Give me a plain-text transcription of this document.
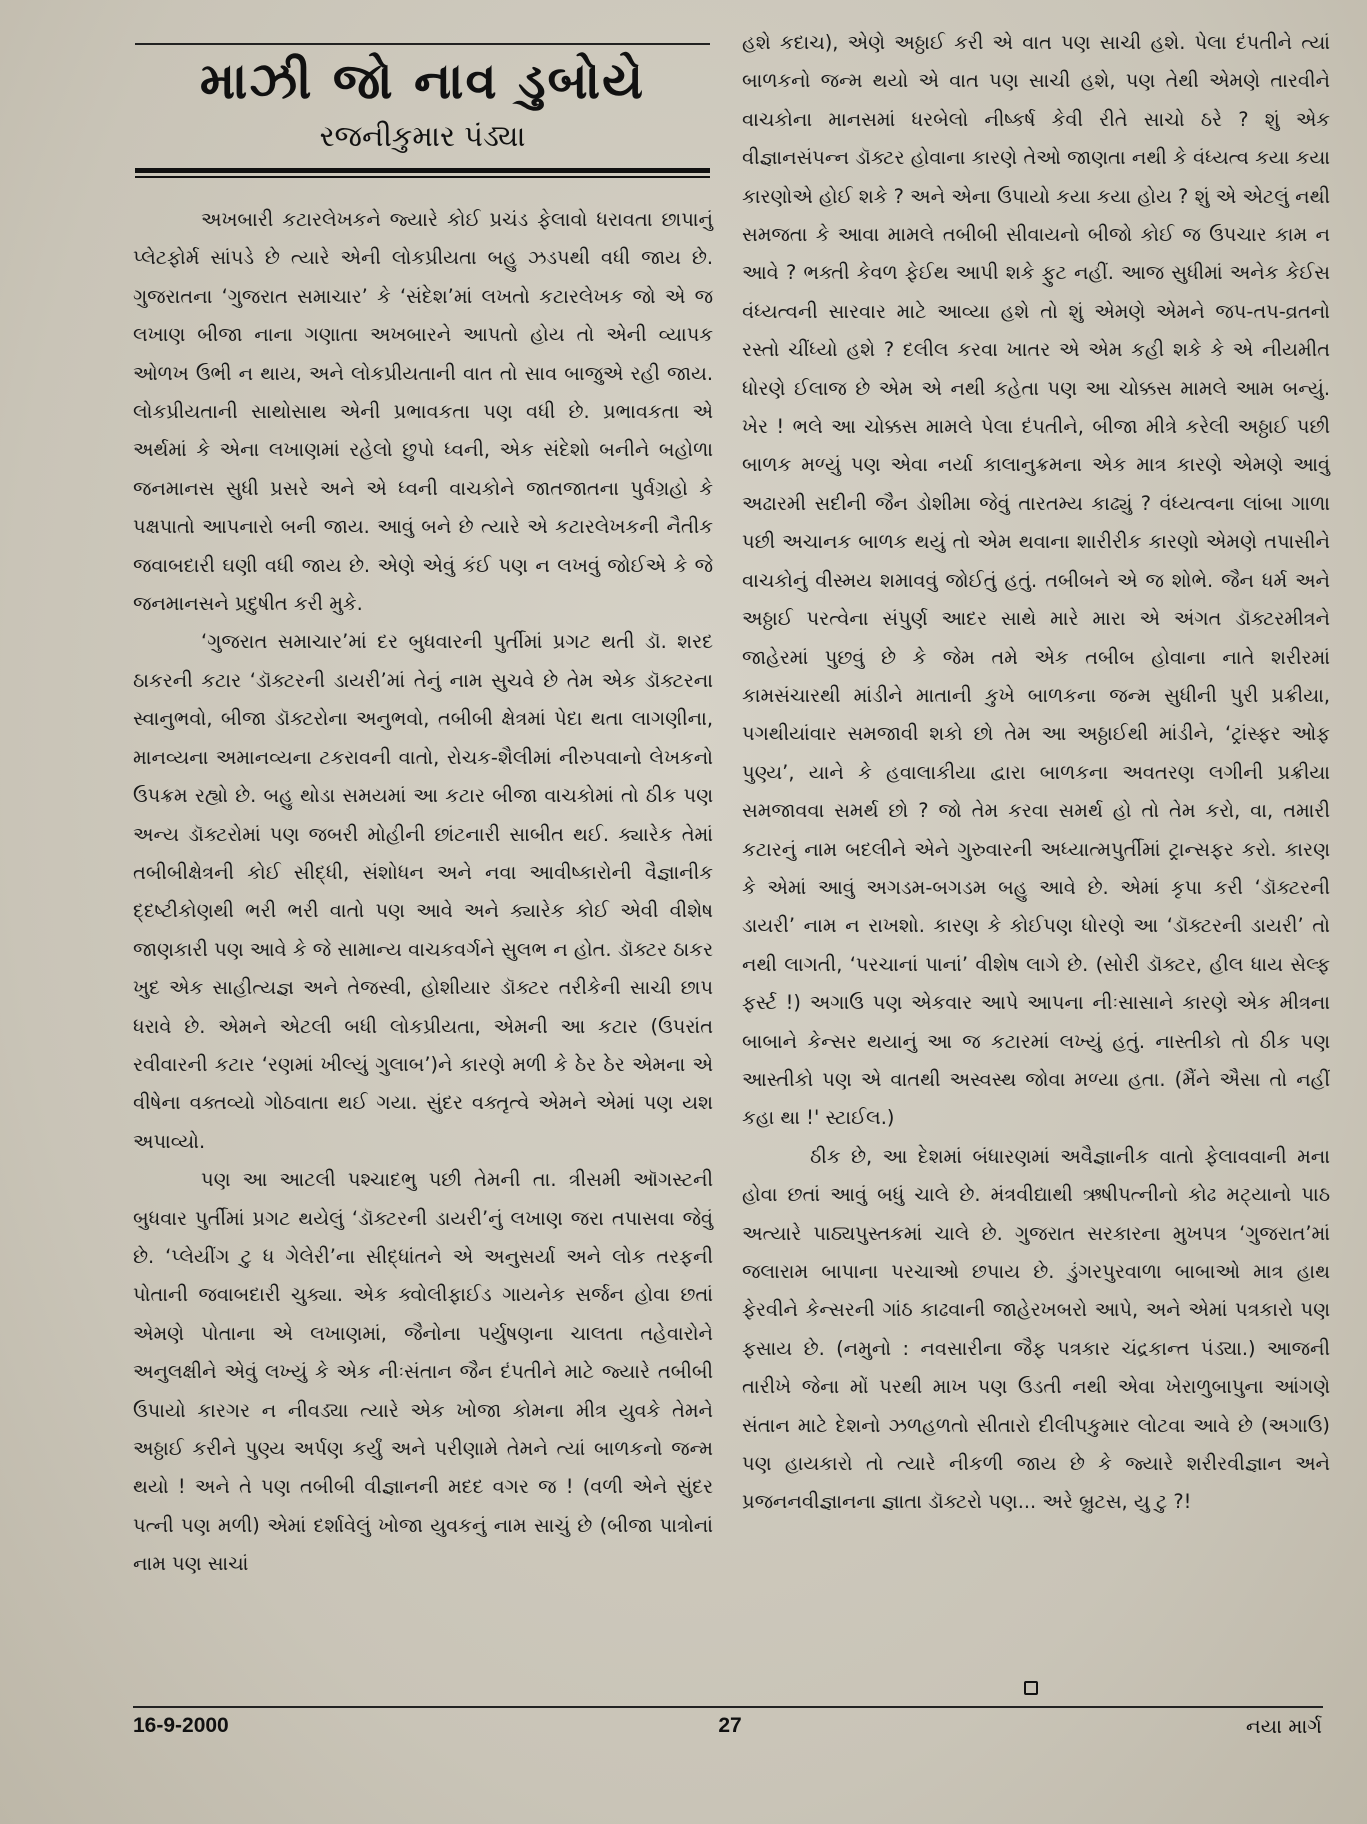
માઝી જો નાવ ડુબોયે
રજનીકુમાર પંડ્યા

અખબારી કટારલેખકને જ્યારે કોઈ પ્રચંડ ફેલાવો ધરાવતા છાપાનું પ્લેટફોર્મ સાંપડે છે ત્યારે એની લોકપ્રીયતા બહુ ઝડપથી વધી જાય છે. ગુજરાતના ‘ગુજરાત સમાચાર’ કે ‘સંદેશ’માં લખતો કટારલેખક જો એ જ લખાણ બીજા નાના ગણાતા અખબારને આપતો હોય તો એની વ્યાપક ઓળખ ઉભી ન થાય, અને લોકપ્રીયતાની વાત તો સાવ બાજુએ રહી જાય. લોકપ્રીયતાની સાથોસાથ એની પ્રભાવકતા પણ વધી છે. પ્રભાવકતા એ અર્થમાં કે એના લખાણમાં રહેલો છુપો ધ્વની, એક સંદેશો બનીને બહોળા જનમાનસ સુધી પ્રસરે અને એ ધ્વની વાચકોને જાતજાતના પુર્વગ્રહો કે પક્ષપાતો આપનારો બની જાય. આવું બને છે ત્યારે એ કટારલેખકની નૈતીક જવાબદારી ઘણી વધી જાય છે. એણે એવું કંઈ પણ ન લખવું જોઈએ કે જે જનમાનસને પ્રદુષીત કરી મુકે.

‘ગુજરાત સમાચાર’માં દર બુધવારની પુર્તીમાં પ્રગટ થતી ડૉ. શરદ ઠાકરની કટાર ‘ડૉક્ટરની ડાયરી’માં તેનું નામ સુચવે છે તેમ એક ડૉક્ટરના સ્વાનુભવો, બીજા ડૉક્ટરોના અનુભવો, તબીબી ક્ષેત્રમાં પેદા થતા લાગણીના, માનવ્યના અમાનવ્યના ટકરાવની વાતો, રોચક-શૈલીમાં નીરુપવાનો લેખકનો ઉપક્રમ રહ્યો છે. બહુ થોડા સમયમાં આ કટાર બીજા વાચકોમાં તો ઠીક પણ અન્ય ડૉક્ટરોમાં પણ જબરી મોહીની છાંટનારી સાબીત થઈ. ક્યારેક તેમાં તબીબીક્ષેત્રની કોઈ સીદ્ધી, સંશોધન અને નવા આવીષ્કારોની વૈજ્ઞાનીક દ્દષ્ટીકોણથી ભરી ભરી વાતો પણ આવે અને ક્યારેક કોઈ એવી વીશેષ જાણકારી પણ આવે કે જે સામાન્ય વાચકવર્ગને સુલભ ન હોત. ડૉક્ટર ઠાકર ખુદ એક સાહીત્યજ્ઞ અને તેજસ્વી, હોશીયાર ડૉક્ટર તરીકેની સાચી છાપ ધરાવે છે. એમને એટલી બધી લોકપ્રીયતા, એમની આ કટાર (ઉપરાંત રવીવારની કટાર ‘રણમાં ખીલ્યું ગુલાબ’)ને કારણે મળી કે ઠેર ઠેર એમના એ વીષેના વક્તવ્યો ગોઠવાતા થઈ ગયા. સુંદર વક્તૃત્વે એમને એમાં પણ યશ અપાવ્યો.

પણ આ આટલી પશ્ચાદભુ પછી તેમની તા. ત્રીસમી ઑગસ્ટની બુધવાર પુર્તીમાં પ્રગટ થયેલું ‘ડૉક્ટરની ડાયરી’નું લખાણ જરા તપાસવા જેવું છે. ‘પ્લેયીંગ ટુ ધ ગેલેરી’ના સીદ્ધાંતને એ અનુસર્યા અને લોક તરફની પોતાની જવાબદારી ચુક્યા. એક ક્વોલીફાઈડ ગાયનેક સર્જન હોવા છતાં એમણે પોતાના એ લખાણમાં, જૈનોના પર્યુષણના ચાલતા તહેવારોને અનુલક્ષીને એવું લખ્યું કે એક નીઃસંતાન જૈન દંપતીને માટે જ્યારે તબીબી ઉપાયો કારગર ન નીવડ્યા ત્યારે એક ખોજા કોમના મીત્ર યુવકે તેમને અઠ્ઠાઈ કરીને પુણ્ય અર્પણ કર્યું અને પરીણામે તેમને ત્યાં બાળકનો જન્મ થયો ! અને તે પણ તબીબી વીજ્ઞાનની મદદ વગર જ ! (વળી એને સુંદર પત્ની પણ મળી) એમાં દર્શાવેલું ખોજા યુવકનું નામ સાચું છે (બીજા પાત્રોનાં નામ પણ સાચાં

હશે કદાચ), એણે અઠ્ઠાઈ કરી એ વાત પણ સાચી હશે. પેલા દંપતીને ત્યાં બાળકનો જન્મ થયો એ વાત પણ સાચી હશે, પણ તેથી એમણે તારવીને વાચકોના માનસમાં ધરબેલો નીષ્કર્ષ કેવી રીતે સાચો ઠરે ? શું એક વીજ્ઞાનસંપન્ન ડૉક્ટર હોવાના કારણે તેઓ જાણતા નથી કે વંધ્યત્વ કયા કયા કારણોએ હોઈ શકે ? અને એના ઉપાયો કયા કયા હોય ? શું એ એટલું નથી સમજતા કે આવા મામલે તબીબી સીવાયનો બીજો કોઈ જ ઉપચાર કામ ન આવે ? ભક્તી કેવળ ફેઈથ આપી શકે ફુટ નહીં. આજ સુધીમાં અનેક કેઈસ વંધ્યત્વની સારવાર માટે આવ્યા હશે તો શું એમણે એમને જપ-તપ-વ્રતનો રસ્તો ચીંધ્યો હશે ? દલીલ કરવા ખાતર એ એમ કહી શકે કે એ નીયમીત ધોરણે ઈલાજ છે એમ એ નથી કહેતા પણ આ ચોક્કસ મામલે આમ બન્યું. ખેર ! ભલે આ ચોક્કસ મામલે પેલા દંપતીને, બીજા મીત્રે કરેલી અઠ્ઠાઈ પછી બાળક મળ્યું પણ એવા નર્યા કાલાનુક્રમના એક માત્ર કારણે એમણે આવું અઢારમી સદીની જૈન ડોશીમા જેવું તારતમ્ય કાઢ્યું ? વંધ્યત્વના લાંબા ગાળા પછી અચાનક બાળક થયું તો એમ થવાના શારીરીક કારણો એમણે તપાસીને વાચકોનું વીસ્મય શમાવવું જોઈતું હતું. તબીબને એ જ શોભે. જૈન ધર્મ અને અઠ્ઠાઈ પરત્વેના સંપુર્ણ આદર સાથે મારે મારા એ અંગત ડૉક્ટરમીત્રને જાહેરમાં પુછવું છે કે જેમ તમે એક તબીબ હોવાના નાતે શરીરમાં કામસંચારથી માંડીને માતાની કુખે બાળકના જન્મ સુધીની પુરી પ્રક્રીયા, પગથીયાંવાર સમજાવી શકો છો તેમ આ અઠ્ઠાઈથી માંડીને, ‘ટ્રાંસ્ફર ઓફ પુણ્ય’, યાને કે હવાલાકીયા દ્વારા બાળકના અવતરણ લગીની પ્રક્રીયા સમજાવવા સમર્થ છો ? જો તેમ કરવા સમર્થ હો તો તેમ કરો, વા, તમારી કટારનું નામ બદલીને એને ગુરુવારની અધ્યાત્મપુર્તીમાં ટ્રાન્સફર કરો. કારણ કે એમાં આવું અગડમ-બગડમ બહુ આવે છે. એમાં કૃપા કરી ‘ડૉક્ટરની ડાયરી’ નામ ન રાખશો. કારણ કે કોઈપણ ધોરણે આ ‘ડૉક્ટરની ડાયરી’ તો નથી લાગતી, ‘પરચાનાં પાનાં’ વીશેષ લાગે છે. (સોરી ડૉક્ટર, હીલ ધાય સેલ્ફ ફર્સ્ટ !) અગાઉ પણ એકવાર આપે આપના નીઃસાસાને કારણે એક મીત્રના બાબાને કેન્સર થયાનું આ જ કટારમાં લખ્યું હતું. નાસ્તીકો તો ઠીક પણ આસ્તીકો પણ એ વાતથી અસ્વસ્થ જોવા મળ્યા હતા. (મૈંને ઐસા તો નહીં કહા થા !' સ્ટાઈલ.)

ઠીક છે, આ દેશમાં બંધારણમાં અવૈજ્ઞાનીક વાતો ફેલાવવાની મના હોવા છતાં આવું બધું ચાલે છે. મંત્રવીદ્યાથી ઋષીપત્નીનો કોઢ મટ્યાનો પાઠ અત્યારે પાઠ્યપુસ્તકમાં ચાલે છે. ગુજરાત સરકારના મુખપત્ર ‘ગુજરાત’માં જલારામ બાપાના પરચાઓ છપાય છે. ડુંગરપુરવાળા બાબાઓ માત્ર હાથ ફેરવીને કેન્સરની ગાંઠ કાઢવાની જાહેરખબરો આપે, અને એમાં પત્રકારો પણ ફસાય છે. (નમુનો : નવસારીના જૈફ પત્રકાર ચંદ્રકાન્ત પંડ્યા.) આજની તારીખે જેના મોં પરથી માખ પણ ઉડતી નથી એવા ખેરાળુબાપુના આંગણે સંતાન માટે દેશનો ઝળહળતો સીતારો દીલીપકુમાર લોટવા આવે છે (અગાઉ) પણ હાયકારો તો ત્યારે નીકળી જાય છે કે જ્યારે શરીરવીજ્ઞાન અને પ્રજનનવીજ્ઞાનના જ્ઞાતા ડૉક્ટરો પણ... અરે બ્રુટસ, યુ ટુ ?!

16-9-2000	27	નયા માર્ગ
